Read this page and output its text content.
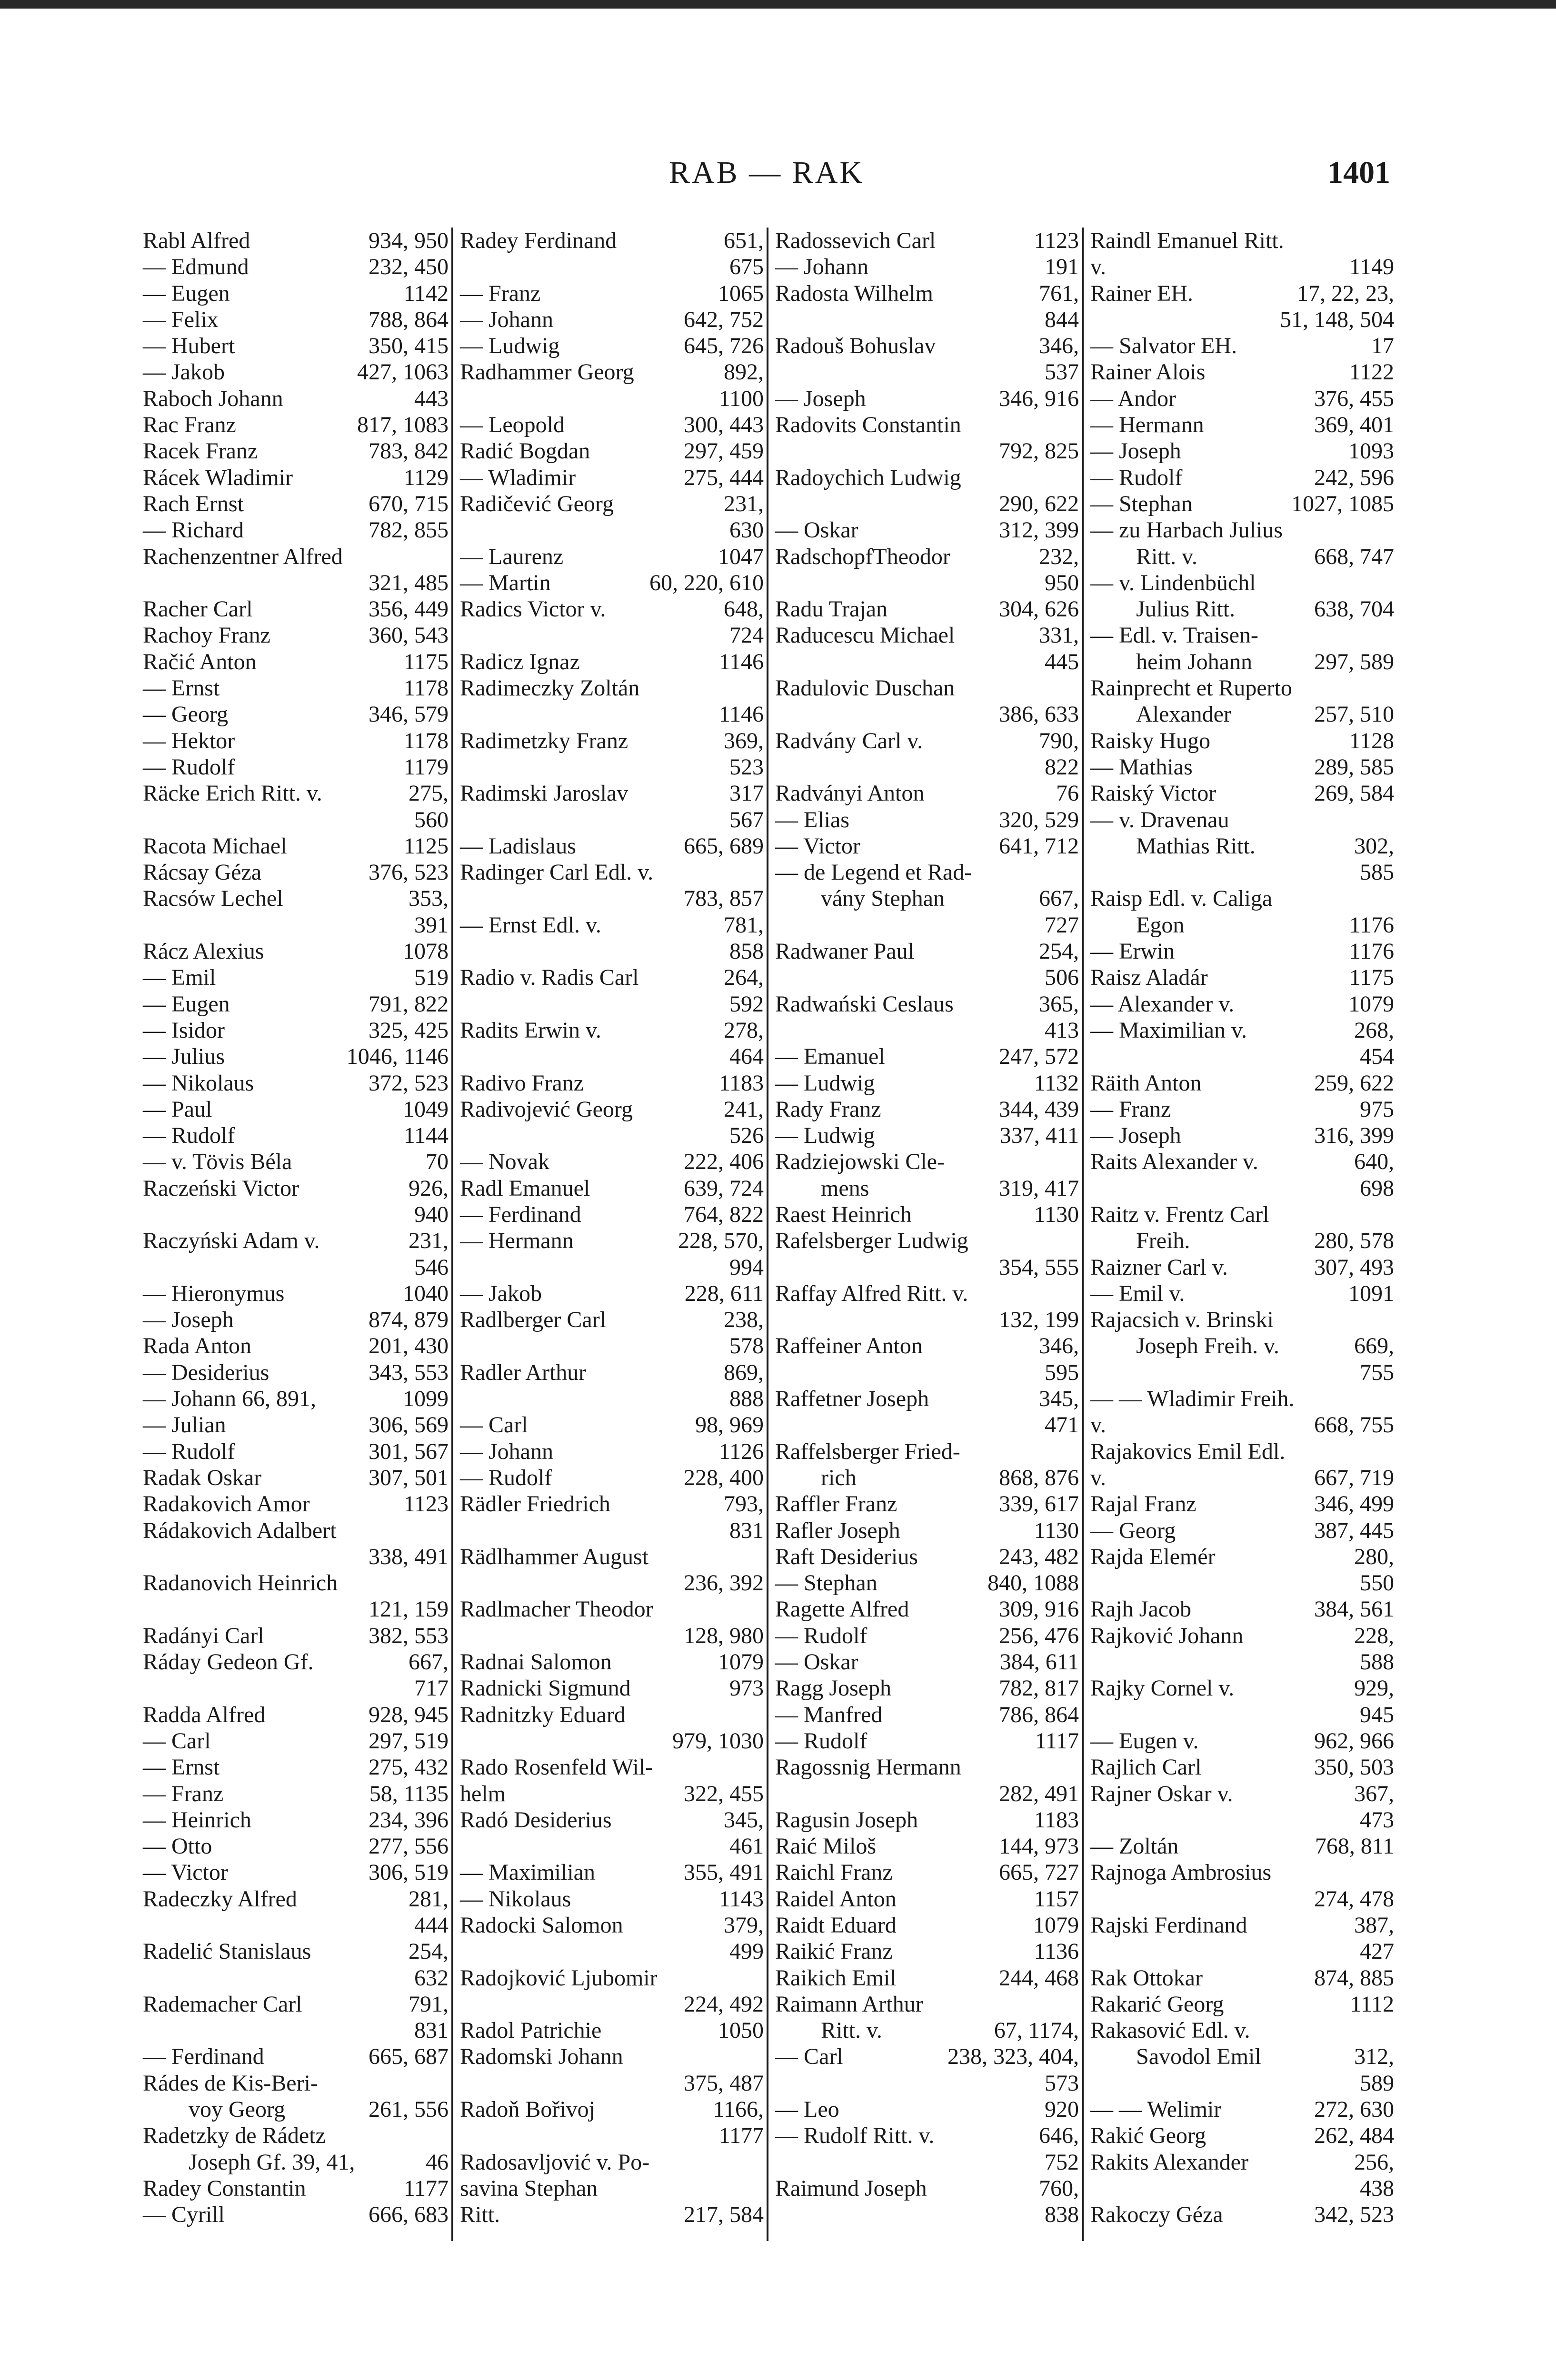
RAB — RAK	1401
Rabl Alfred	934, 950
— Edmund	232, 450
— Eugen	1142
— Felix	788, 864
— Hubert	350, 415
— Jakob	427, 1063
Raboch Johann	443
Rac Franz	817, 1083
Racek Franz	783, 842
Rácek Wladimir	1129
Rach Ernst	670, 715
— Richard	782, 855
Rachenzentner Alfred
321, 485
Racher Carl	356, 449
Rachoy Franz	360, 543
Račić Anton	1175
— Ernst	1178
— Georg	346, 579
— Hektor	1178
— Rudolf	1179
Räcke Erich Ritt. v.	275,
560
Racota Michael	1125
Rácsay Géza	376, 523
Racsów Lechel	353,
391
Rácz Alexius	1078
— Emil	519
— Eugen	791, 822
— Isidor	325, 425
— Julius	1046, 1146
— Nikolaus	372, 523
— Paul	1049
— Rudolf	1144
— v. Tövis Béla	70
Raczeński Victor	926,
940
Raczyński Adam v.	231,
546
— Hieronymus	1040
— Joseph	874, 879
Rada Anton	201, 430
— Desiderius	343, 553
— Johann 66, 891,	1099
— Julian	306, 569
— Rudolf	301, 567
Radak Oskar	307, 501
Radakovich Amor	1123
Rádakovich Adalbert
338, 491
Radanovich Heinrich
121, 159
Radányi Carl	382, 553
Ráday Gedeon Gf.	667,
717
Radda Alfred	928, 945
— Carl	297, 519
— Ernst	275, 432
— Franz	58, 1135
— Heinrich	234, 396
— Otto	277, 556
— Victor	306, 519
Radeczky Alfred	281,
444
Radelić Stanislaus	254,
632
Rademacher Carl	791,
831
— Ferdinand	665, 687
Rádes de Kis-Beri-
voy Georg	261, 556
Radetzky de Rádetz
Joseph Gf. 39, 41,	46
Radey Constantin	1177
— Cyrill	666, 683
Radey Ferdinand	651,
675
— Franz	1065
— Johann	642, 752
— Ludwig	645, 726
Radhammer Georg	892,
1100
— Leopold	300, 443
Radić Bogdan	297, 459
— Wladimir	275, 444
Radičević Georg	231,
630
— Laurenz	1047
— Martin	60, 220, 610
Radics Victor v.	648,
724
Radicz Ignaz	1146
Radimeczky Zoltán
1146
Radimetzky Franz	369,
523
Radimski Jaroslav	317
567
— Ladislaus	665, 689
Radinger Carl Edl. v.
783, 857
— Ernst Edl. v.	781,
858
Radio v. Radis Carl	264,
592
Radits Erwin v.	278,
464
Radivo Franz	1183
Radivojević Georg	241,
526
— Novak	222, 406
Radl Emanuel	639, 724
— Ferdinand	764, 822
— Hermann	228, 570,
994
— Jakob	228, 611
Radlberger Carl	238,
578
Radler Arthur	869,
888
— Carl	98, 969
— Johann	1126
— Rudolf	228, 400
Rädler Friedrich	793,
831
Rädlhammer August
236, 392
Radlmacher Theodor
128, 980
Radnai Salomon	1079
Radnicki Sigmund	973
Radnitzky Eduard
979, 1030
Rado Rosenfeld Wil-
helm	322, 455
Radó Desiderius	345,
461
— Maximilian	355, 491
— Nikolaus	1143
Radocki Salomon	379,
499
Radojković Ljubomir
224, 492
Radol Patrichie	1050
Radomski Johann
375, 487
Radoň Bořivoj	1166,
1177
Radosavljović v. Po-
savina Stephan
Ritt.	217, 584
Radossevich Carl	1123
— Johann	191
Radosta Wilhelm	761,
844
Radouš Bohuslav	346,
537
— Joseph	346, 916
Radovits Constantin
792, 825
Radoychich Ludwig
290, 622
— Oskar	312, 399
RadschopfTheodor	232,
950
Radu Trajan	304, 626
Raducescu Michael	331,
445
Radulovic Duschan
386, 633
Radvány Carl v.	790,
822
Radványi Anton	76
— Elias	320, 529
— Victor	641, 712
— de Legend et Rad-
vány Stephan	667,
727
Radwaner Paul	254,
506
Radwański Ceslaus	365,
413
— Emanuel	247, 572
— Ludwig	1132
Rady Franz	344, 439
— Ludwig	337, 411
Radziejowski Cle-
mens	319, 417
Raest Heinrich	1130
Rafelsberger Ludwig
354, 555
Raffay Alfred Ritt. v.
132, 199
Raffeiner Anton	346,
595
Raffetner Joseph	345,
471
Raffelsberger Fried-
rich	868, 876
Raffler Franz	339, 617
Rafler Joseph	1130
Raft Desiderius	243, 482
— Stephan	840, 1088
Ragette Alfred	309, 916
— Rudolf	256, 476
— Oskar	384, 611
Ragg Joseph	782, 817
— Manfred	786, 864
— Rudolf	1117
Ragossnig Hermann
282, 491
Ragusin Joseph	1183
Raić Miloš	144, 973
Raichl Franz	665, 727
Raidel Anton	1157
Raidt Eduard	1079
Raikić Franz	1136
Raikich Emil	244, 468
Raimann Arthur
Ritt. v.	67, 1174,
— Carl	238, 323, 404,
573
— Leo	920
— Rudolf Ritt. v.	646,
752
Raimund Joseph	760,
838
Raindl Emanuel Ritt.
v.	1149
Rainer EH.	17, 22, 23,
51, 148, 504
— Salvator EH.	17
Rainer Alois	1122
— Andor	376, 455
— Hermann	369, 401
— Joseph	1093
— Rudolf	242, 596
— Stephan	1027, 1085
— zu Harbach Julius
Ritt. v.	668, 747
— v. Lindenbüchl
Julius Ritt.	638, 704
— Edl. v. Traisen-
heim Johann	297, 589
Rainprecht et Ruperto
Alexander	257, 510
Raisky Hugo	1128
— Mathias	289, 585
Raiský Victor	269, 584
— v. Dravenau
Mathias Ritt.	302,
585
Raisp Edl. v. Caliga
Egon	1176
— Erwin	1176
Raisz Aladár	1175
— Alexander v.	1079
— Maximilian v.	268,
454
Räith Anton	259, 622
— Franz	975
— Joseph	316, 399
Raits Alexander v.	640,
698
Raitz v. Frentz Carl
Freih.	280, 578
Raizner Carl v.	307, 493
— Emil v.	1091
Rajacsich v. Brinski
Joseph Freih. v.	669,
755
— — Wladimir Freih.
v.	668, 755
Rajakovics Emil Edl.
v.	667, 719
Rajal Franz	346, 499
— Georg	387, 445
Rajda Elemér	280,
550
Rajh Jacob	384, 561
Rajković Johann	228,
588
Rajky Cornel v.	929,
945
— Eugen v.	962, 966
Rajlich Carl	350, 503
Rajner Oskar v.	367,
473
— Zoltán	768, 811
Rajnoga Ambrosius
274, 478
Rajski Ferdinand	387,
427
Rak Ottokar	874, 885
Rakarić Georg	1112
Rakasović Edl. v.
Savodol Emil	312,
589
— — Welimir	272, 630
Rakić Georg	262, 484
Rakits Alexander	256,
438
Rakoczy Géza	342, 523
